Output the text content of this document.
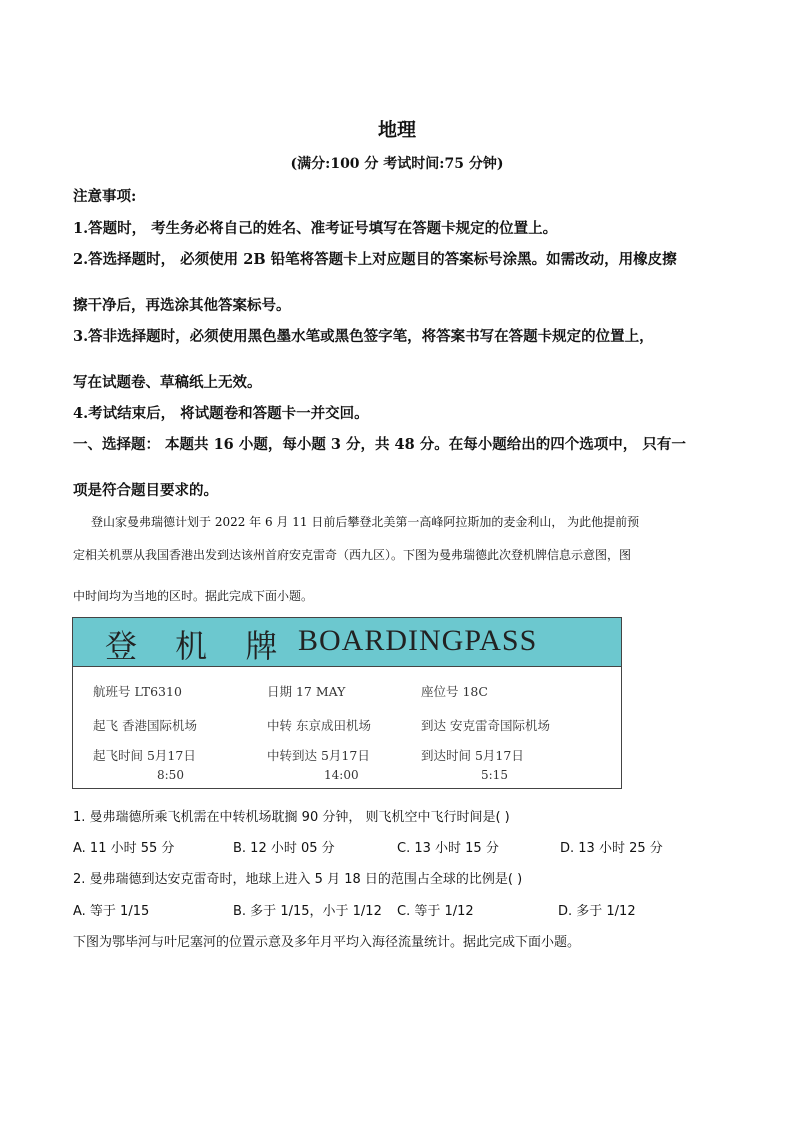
地理
(满分:100 分 考试时间:75 分钟)
注意事项:
1.答题时， 考生务必将自己的姓名、准考证号填写在答题卡规定的位置上。
2.答选择题时， 必须使用 2B 铅笔将答题卡上对应题目的答案标号涂黑。如需改动，用橡皮擦
擦干净后，再选涂其他答案标号。
3.答非选择题时，必须使用黑色墨水笔或黑色签字笔，将答案书写在答题卡规定的位置上，
写在试题卷、草稿纸上无效。
4.考试结束后， 将试题卷和答题卡一并交回。
一、选择题： 本题共 16 小题，每小题 3 分，共 48 分。在每小题给出的四个选项中， 只有一
项是符合题目要求的。
登山家曼弗瑞德计划于 2022 年 6 月 11 日前后攀登北美第一高峰阿拉斯加的麦金利山， 为此他提前预
定相关机票从我国香港出发到达该州首府安克雷奇（西九区）。下图为曼弗瑞德此次登机牌信息示意图，图
中时间均为当地的区时。据此完成下面小题。
登 机 牌 BOARDINGPASS
航班号 LT6310	日期 17 MAY	座位号 18C
起飞 香港国际机场	中转 东京成田机场	到达 安克雷奇国际机场
起飞时间 5月17日	中转到达 5月17日	到达时间 5月17日
8:50	14:00	5:15
1. 曼弗瑞德所乘飞机需在中转机场耽搁 90 分钟， 则飞机空中飞行时间是( )
A. 11 小时 55 分	B. 12 小时 05 分	C. 13 小时 15 分	D. 13 小时 25 分
2. 曼弗瑞德到达安克雷奇时，地球上进入 5 月 18 日的范围占全球的比例是( )
A. 等于 1/15	B. 多于 1/15，小于 1/12 C. 等于 1/12	D. 多于 1/12
下图为鄂毕河与叶尼塞河的位置示意及多年月平均入海径流量统计。据此完成下面小题。
